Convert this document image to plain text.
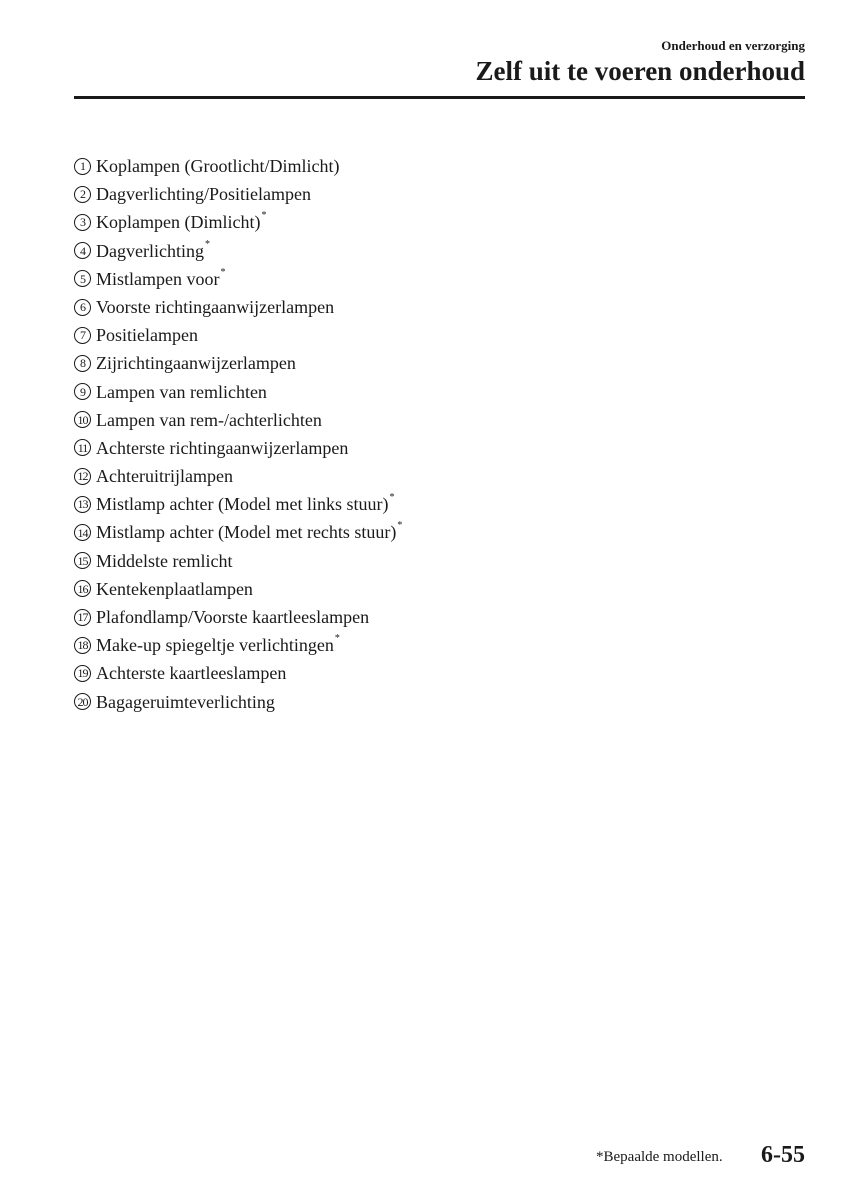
Onderhoud en verzorging
Zelf uit te voeren onderhoud
1 Koplampen (Grootlicht/Dimlicht)
2 Dagverlichting/Positielampen
3 Koplampen (Dimlicht) *
4 Dagverlichting *
5 Mistlampen voor *
6 Voorste richtingaanwijzerlampen
7 Positielampen
8 Zijrichtingaanwijzerlampen
9 Lampen van remlichten
10 Lampen van rem-/achterlichten
11 Achterste richtingaanwijzerlampen
12 Achteruitrijlampen
13 Mistlamp achter (Model met links stuur) *
14 Mistlamp achter (Model met rechts stuur) *
15 Middelste remlicht
16 Kentekenplaatlampen
17 Plafondlamp/Voorste kaartleeslampen
18 Make-up spiegeltje verlichtingen *
19 Achterste kaartleeslampen
20 Bagageruimteverlichting
*Bepaalde modellen. 6-55
